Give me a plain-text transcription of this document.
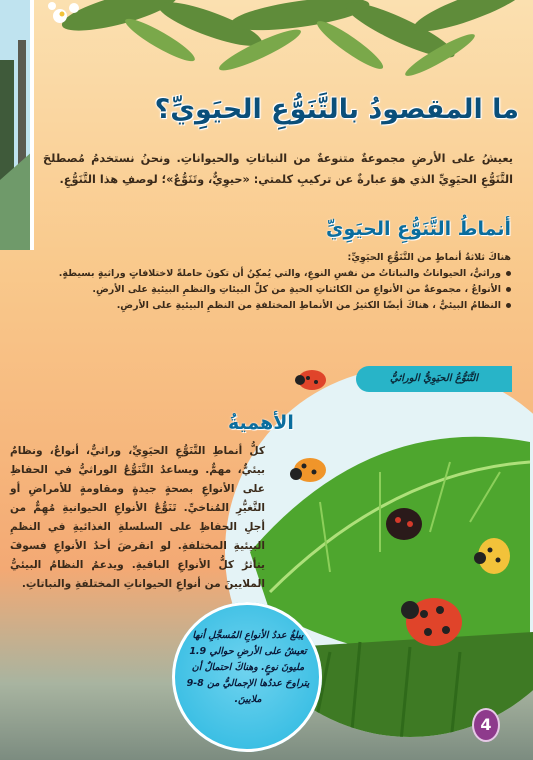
ما المقصودُ بالتَّنَوُّعِ الحيَوِيِّ؟

يعيشُ على الأرضِ مجموعةٌ متنوعةٌ من النباتاتِ والحيواناتِ. ونحنُ نستخدمُ مُصطلحَ التَّنَوُّعِ الحيَوِيِّ الذي هوَ عبارةٌ عن تركيبِ كلمتي: «حيوِيٌّ، وتَنَوُّعٌ»؛ لوصفِ هذا التَّنَوُّعِ.

أنماطُ التَّنَوُّعِ الحيَوِيِّ
هناكَ ثلاثةُ أنماطٍ من التَّنَوُّعِ الحيَوِيِّ:
وراثيٌّ، الحيواناتُ والنباتاتُ من نفسِ النوعِ، والتي يُمكِنُ أن تكونَ حاملةً لاختلافاتٍ وراثيةٍ بسيطةٍ.
الأنواعُ ، مجموعةٌ من الأنواعِ من الكائناتِ الحيةِ من كلِّ البيئاتِ والنظمِ البيئيةِ على الأرضِ.
النظامُ البيئيُّ ، هناكَ أيضًا الكثيرُ من الأنماطِ المختلفةِ من النظمِ البيئيةِ على الأرضِ.
التَّنَوُّعُ الحيَوِيُّ الوراثيُّ
الأهميةُ

كلُّ أنماطِ التَّنَوُّعِ الحيَوِيِّ، وراثيٌّ، أنواعٌ، ونظامٌ بيئيٌّ، مهمٌّ. ويساعدُ التَّنَوُّعُ الوراثيُّ في الحفاظِ على الأنواعِ بصحةٍ جيدةٍ ومقاومةٍ للأمراضِ أو التَّغيُّرِ المُناخيِّ. تَنَوُّعُ الأنواعِ الحيوانيةِ مُهِمٌّ من أجلِ الحفاظِ على السلسلةِ الغذائيةِ في النظمِ البيئيةِ المختلفةِ. لو انقرضَ أحدُ الأنواعِ فسوفَ يتأثرُ كلُّ الأنواعِ الباقيةِ. ويدعمُ النظامُ البيئيُّ الملايينَ من أنواعِ الحيواناتِ المختلفةِ والنباتاتِ.

يبلغُ عددُ الأنواعِ المُسجَّلِ أنها تعيشُ على الأرضِ حوالي 1.9 مليونَ نوعٍ. وهناكَ احتمالٌ أن يتراوحَ عددُها الإجماليُّ من 8-9 ملايينَ.
4
